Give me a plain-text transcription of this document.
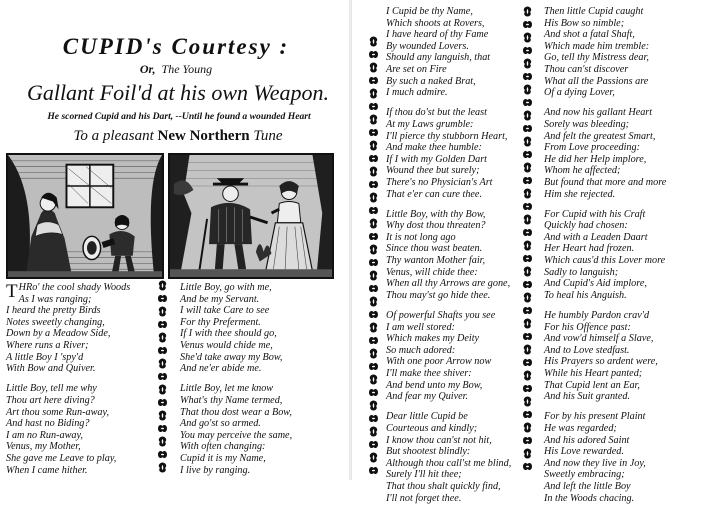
CUPID's Courtesy :
Or, The Young
Gallant Foil'd at his own Weapon.
He scorned Cupid and his Dart, --Until he found a wounded Heart
To a pleasant New Northern Tune
T HRo' the cool shady Woods
As I was ranging;
I heard the pretty Birds
Notes sweetly changing,
Down by a Meadow Side,
Where runs a River;
A little Boy I 'spy'd
With Bow and Quiver.
Little Boy, tell me why
Thou art here diving?
Art thou some Run-away,
And hast no Biding?
I am no Run-away,
Venus, my Mother,
She gave me Leave to play,
When I came hither.
Little Boy, go with me,
And be my Servant.
I will take Care to see
For thy Preferment.
If I with thee should go,
Venus would chide me,
She'd take away my Bow,
And ne'er abide me.
Little Boy, let me know
What's thy Name termed,
That thou dost wear a Bow,
And go'st so armed.
You may perceive the same,
With often changing:
Cupid it is my Name,
I live by ranging.
I Cupid be thy Name,
Which shoots at Rovers,
I have heard of thy Fame
By wounded Lovers.
Should any languish, that
Are set on Fire
By such a naked Brat,
I much admire.
If thou do'st but the least
At my Laws grumble:
I'll pierce thy stubborn Heart,
And make thee humble:
If I with my Golden Dart
Wound thee but surely;
There's no Physician's Art
That e'er can cure thee.
Little Boy, with thy Bow,
Why dost thou threaten?
It is not long ago
Since thou wast beaten.
Thy wanton Mother fair,
Venus, will chide thee:
When all thy Arrows are gone,
Thou may'st go hide thee.
Of powerful Shafts you see
I am well stored:
Which makes my Deity
So much adored:
With one poor Arrow now
I'll make thee shiver:
And bend unto my Bow,
And fear my Quiver.
Dear little Cupid be
Courteous and kindly;
I know thou can'st not hit,
But shootest blindly:
Although thou call'st me blind,
Surely I'll hit thee;
That thou shalt quickly find,
I'll not forget thee.
Then little Cupid caught
His Bow so nimble;
And shot a fatal Shaft,
Which made him tremble:
Go, tell thy Mistress dear,
Thou can'st discover
What all the Passions are
Of a dying Lover,
And now his gallant Heart
Sorely was bleeding;
And felt the greatest Smart,
From Love proceeding:
He did her Help implore,
Whom he affected;
But found that more and more
Him she rejected.
For Cupid with his Craft
Quickly had chosen:
And with a Leaden Daart
Her Heart had frozen.
Which caus'd this Lover more
Sadly to languish;
And Cupid's Aid implore,
To heal his Anguish.
He humbly Pardon crav'd
For his Offence past:
And vow'd himself a Slave,
And to Love stedfast.
His Prayers so ardent were,
While his Heart panted;
That Cupid lent an Ear,
And his Suit granted.
For by his present Plaint
He was regarded;
And his adored Saint
His Love rewarded.
And now they live in Joy,
Sweetly embracing;
And left the little Boy
In the Woods chacing.
